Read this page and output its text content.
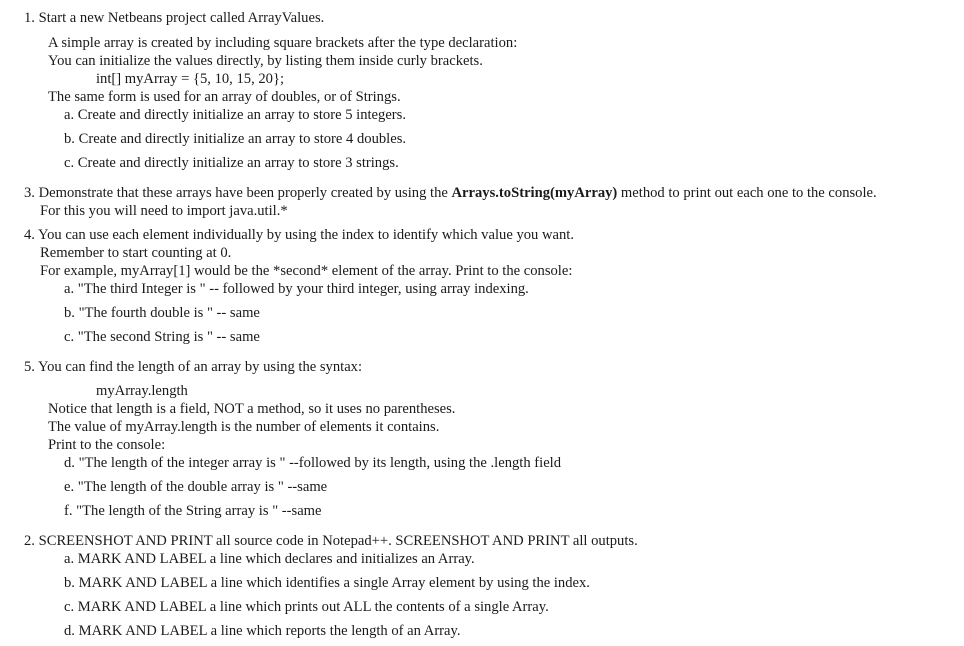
1. Start a new Netbeans project called ArrayValues.
A simple array is created by including square brackets after the type declaration:
You can initialize the values directly, by listing them inside curly brackets.
int[] myArray = {5, 10, 15, 20};
The same form is used for an array of doubles, or of Strings.
a. Create and directly initialize an array to store 5 integers.
b. Create and directly initialize an array to store 4 doubles.
c. Create and directly initialize an array to store 3 strings.
3. Demonstrate that these arrays have been properly created by using the Arrays.toString(myArray) method to print out each one to the console.
For this you will need to import java.util.*
4. You can use each element individually by using the index to identify which value you want.
Remember to start counting at 0.
For example, myArray[1] would be the *second* element of the array. Print to the console:
a. "The third Integer is " -- followed by your third integer, using array indexing.
b. "The fourth double is " -- same
c. "The second String is " -- same
5. You can find the length of an array by using the syntax:
myArray.length
Notice that length is a field, NOT a method, so it uses no parentheses.
The value of myArray.length is the number of elements it contains.
Print to the console:
d. "The length of the integer array is " --followed by its length, using the .length field
e. "The length of the double array is " --same
f. "The length of the String array is " --same
2. SCREENSHOT AND PRINT all source code in Notepad++. SCREENSHOT AND PRINT all outputs.
a. MARK AND LABEL a line which declares and initializes an Array.
b. MARK AND LABEL a line which identifies a single Array element by using the index.
c. MARK AND LABEL a line which prints out ALL the contents of a single Array.
d. MARK AND LABEL a line which reports the length of an Array.
